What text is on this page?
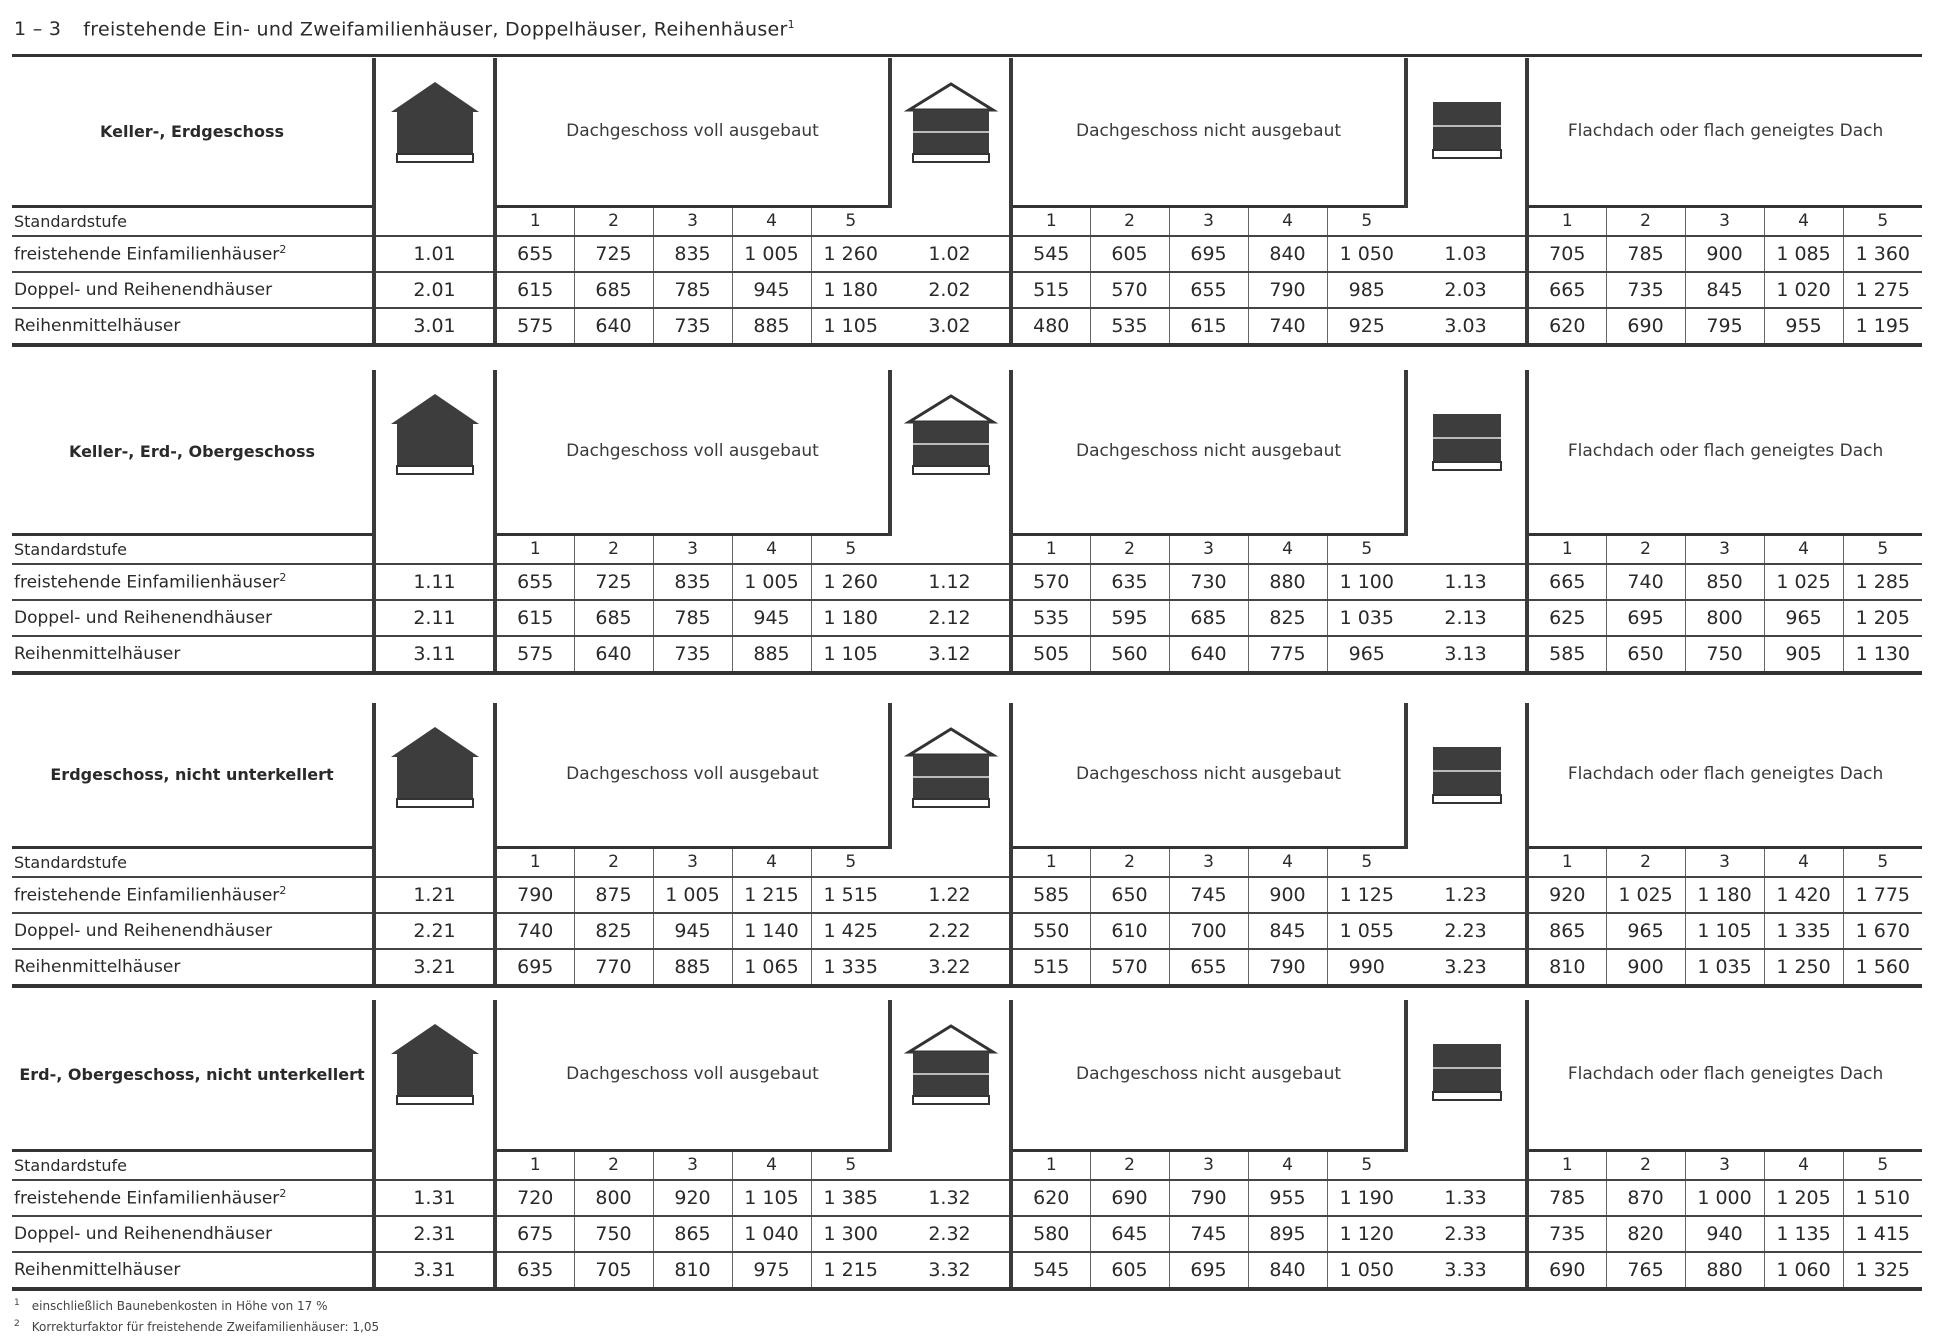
1 – 3 freistehende Ein- und Zweifamilienhäuser, Doppelhäuser, Reihenhäuser$^1$
Keller-, Erdgeschoss		Dachgeschoss voll ausgebaut						Dachgeschoss nicht ausgebaut						Flachdach oder flach geneigtes Dach				
Standardstufe		1	2	3	4	5		1	2	3	4	5		1	2	3	4	5
freistehende Einfamilienhäuser$^2$	1.01	655	725	835	1 005	1 260	1.02	545	605	695	840	1 050	1.03	705	785	900	1 085	1 360
Doppel- und Reihenendhäuser	2.01	615	685	785	945	1 180	2.02	515	570	655	790	985	2.03	665	735	845	1 020	1 275
Reihenmittelhäuser	3.01	575	640	735	885	1 105	3.02	480	535	615	740	925	3.03	620	690	795	955	1 195
Keller-, Erd-, Obergeschoss		Dachgeschoss voll ausgebaut						Dachgeschoss nicht ausgebaut						Flachdach oder flach geneigtes Dach				
Standardstufe		1	2	3	4	5		1	2	3	4	5		1	2	3	4	5
freistehende Einfamilienhäuser$^2$	1.11	655	725	835	1 005	1 260	1.12	570	635	730	880	1 100	1.13	665	740	850	1 025	1 285
Doppel- und Reihenendhäuser	2.11	615	685	785	945	1 180	2.12	535	595	685	825	1 035	2.13	625	695	800	965	1 205
Reihenmittelhäuser	3.11	575	640	735	885	1 105	3.12	505	560	640	775	965	3.13	585	650	750	905	1 130
Erdgeschoss, nicht unterkellert		Dachgeschoss voll ausgebaut						Dachgeschoss nicht ausgebaut						Flachdach oder flach geneigtes Dach				
Standardstufe		1	2	3	4	5		1	2	3	4	5		1	2	3	4	5
freistehende Einfamilienhäuser$^2$	1.21	790	875	1 005	1 215	1 515	1.22	585	650	745	900	1 125	1.23	920	1 025	1 180	1 420	1 775
Doppel- und Reihenendhäuser	2.21	740	825	945	1 140	1 425	2.22	550	610	700	845	1 055	2.23	865	965	1 105	1 335	1 670
Reihenmittelhäuser	3.21	695	770	885	1 065	1 335	3.22	515	570	655	790	990	3.23	810	900	1 035	1 250	1 560
Erd-, Obergeschoss, nicht unterkellert		Dachgeschoss voll ausgebaut						Dachgeschoss nicht ausgebaut						Flachdach oder flach geneigtes Dach				
Standardstufe		1	2	3	4	5		1	2	3	4	5		1	2	3	4	5
freistehende Einfamilienhäuser$^2$	1.31	720	800	920	1 105	1 385	1.32	620	690	790	955	1 190	1.33	785	870	1 000	1 205	1 510
Doppel- und Reihenendhäuser	2.31	675	750	865	1 040	1 300	2.32	580	645	745	895	1 120	2.33	735	820	940	1 135	1 415
Reihenmittelhäuser	3.31	635	705	810	975	1 215	3.32	545	605	695	840	1 050	3.33	690	765	880	1 060	1 325
$^1$ einschließlich Baunebenkosten in Höhe von 17 %
$^2$ Korrekturfaktor für freistehende Zweifamilienhäuser: 1,05
